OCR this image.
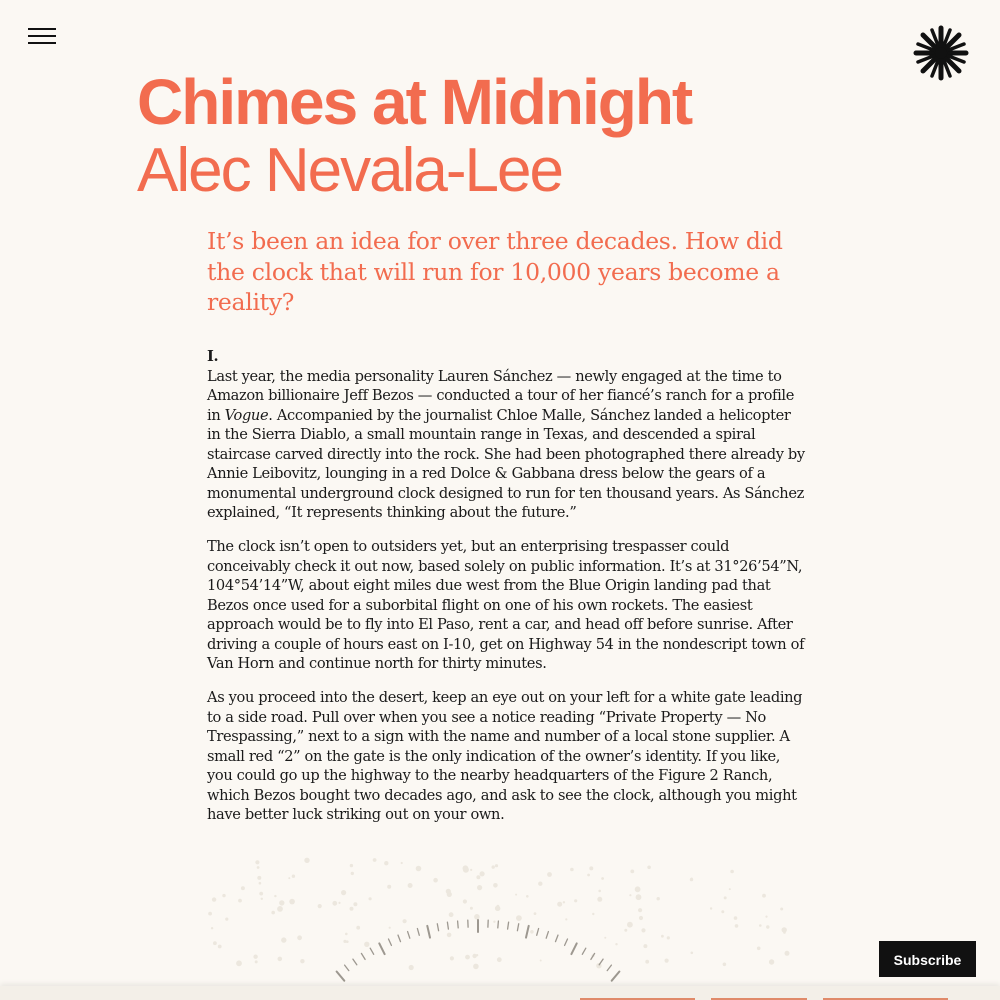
Chimes at Midnight
Alec Nevala-Lee

It’s been an idea for over three decades. How did the clock that will run for 10,000 years become a reality?

I.

Last year, the media personality Lauren Sánchez — newly engaged at the time to Amazon billionaire Jeff Bezos — conducted a tour of her fiancé’s ranch for a profile in Vogue. Accompanied by the journalist Chloe Malle, Sánchez landed a helicopter in the Sierra Diablo, a small mountain range in Texas, and descended a spiral staircase carved directly into the rock. She had been photographed there already by Annie Leibovitz, lounging in a red Dolce & Gabbana dress below the gears of a monumental underground clock designed to run for ten thousand years. As Sánchez explained, “It represents thinking about the future.”

The clock isn’t open to outsiders yet, but an enterprising trespasser could conceivably check it out now, based solely on public information. It’s at 31°26’54”N, 104°54’14”W, about eight miles due west from the Blue Origin landing pad that Bezos once used for a suborbital flight on one of his own rockets. The easiest approach would be to fly into El Paso, rent a car, and head off before sunrise. After driving a couple of hours east on I-10, get on Highway 54 in the nondescript town of Van Horn and continue north for thirty minutes.

As you proceed into the desert, keep an eye out on your left for a white gate leading to a side road. Pull over when you see a notice reading “Private Property — No Trespassing,” next to a sign with the name and number of a local stone supplier. A small red “2” on the gate is the only indication of the owner’s identity. If you like, you could go up the highway to the nearby headquarters of the Figure 2 Ranch, which Bezos bought two decades ago, and ask to see the clock, although you might have better luck striking out on your own.

Subscribe
